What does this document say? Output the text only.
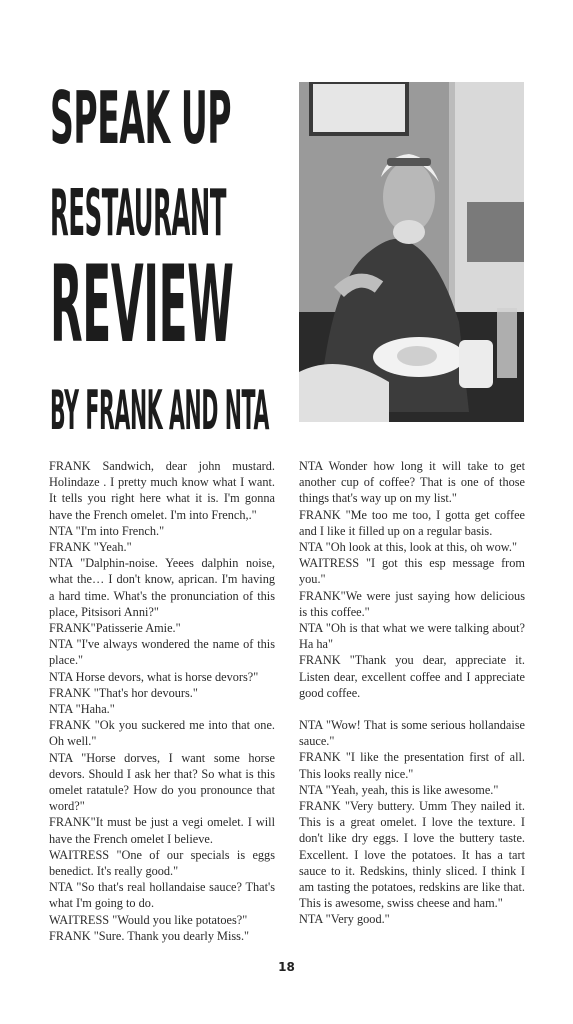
SPEAK UP
RESTAURANT
REVIEW
BY FRANK AND NTA

FRANK Sandwich, dear john mustard. Holindaze . I pretty much know what I want. It tells you right here what it is. I'm gonna have the French omelet. I'm into French,."

NTA "I'm into French."

FRANK "Yeah."

NTA "Dalphin-noise. Yeees dalphin noise, what the… I don't know, aprican. I'm having a hard time. What's the pronunciation of this place, Pitsisori Anni?"

FRANK"Patisserie Amie."

NTA "I've always wondered the name of this place."

NTA Horse devors, what is horse devors?"

FRANK "That's hor devours."

NTA "Haha."

FRANK "Ok you suckered me into that one. Oh well."

NTA "Horse dorves, I want some horse devors. Should I ask her that? So what is this omelet ratatule? How do you pronounce that word?"

FRANK"It must be just a vegi omelet. I will have the French omelet I believe.

WAITRESS "One of our specials is eggs benedict. It's really good."

NTA "So that's real hollandaise sauce? That's what I'm going to do.

WAITRESS "Would you like potatoes?"

FRANK "Sure. Thank you dearly Miss."

NTA Wonder how long it will take to get another cup of coffee? That is one of those things that's way up on my list."

FRANK "Me too me too, I gotta get coffee and I like it filled up on a regular basis.

NTA "Oh look at this, look at this, oh wow."

WAITRESS "I got this esp message from you."

FRANK"We were just saying how delicious is this coffee."

NTA "Oh is that what we were talking about? Ha ha"

FRANK "Thank you dear, appreciate it. Listen dear, excellent coffee and I appreciate good coffee.

NTA "Wow! That is some serious hollandaise sauce."

FRANK "I like the presentation first of all. This looks really nice."

NTA "Yeah, yeah, this is like awesome."

FRANK "Very buttery. Umm They nailed it. This is a great omelet. I love the texture. I don't like dry eggs. I love the buttery taste. Excellent. I love the potatoes. It has a tart sauce to it. Redskins, thinly sliced. I think I am tasting the potatoes, redskins are like that. This is awesome, swiss cheese and ham."

NTA "Very good."

18
